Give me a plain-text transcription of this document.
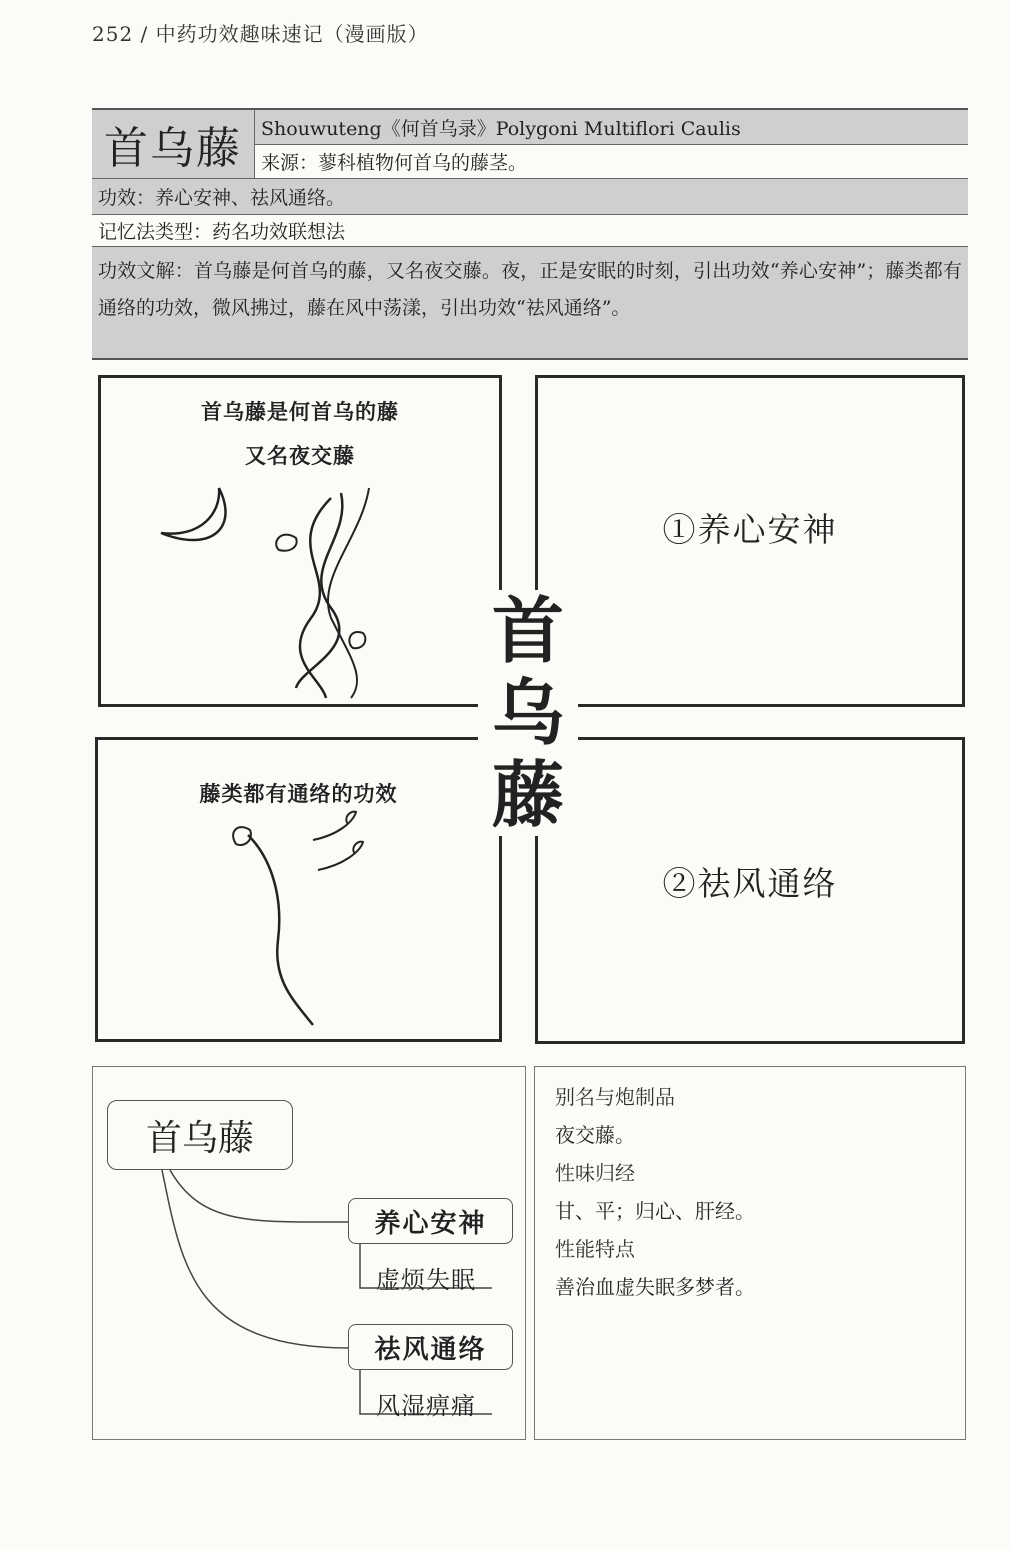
252 / 中药功效趣味速记（漫画版）
首乌藤	Shouwuteng《何首乌录》Polygoni Multiflori Caulis
来源：蓼科植物何首乌的藤茎。
功效：养心安神、祛风通络。
记忆法类型：药名功效联想法
功效文解：首乌藤是何首乌的藤，又名夜交藤。夜，正是安眠的时刻，引出功效“养心安神”；藤类都有通络的功效，微风拂过，藤在风中荡漾，引出功效“祛风通络”。
首乌藤是何首乌的藤
又名夜交藤
①养心安神
藤类都有通络的功效
②祛风通络
首
乌
藤
首乌藤
养心安神
虚烦失眠
祛风通络
风湿痹痛
别名与炮制品
夜交藤。
性味归经
甘、平；归心、肝经。
性能特点
善治血虚失眠多梦者。
